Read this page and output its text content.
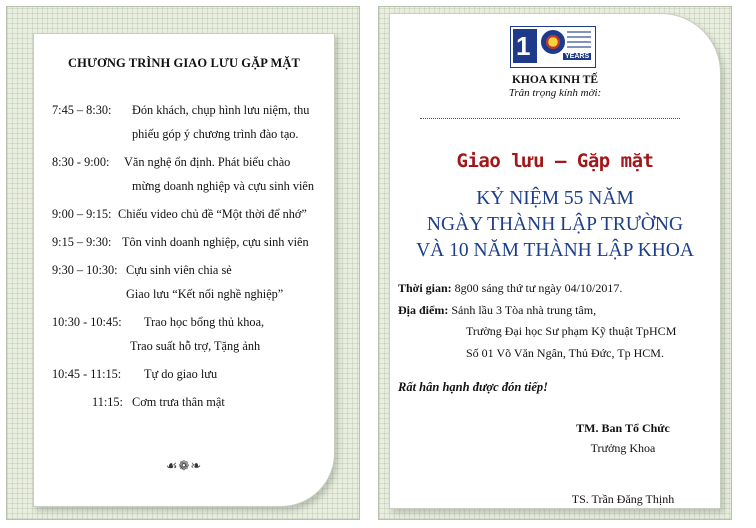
CHƯƠNG TRÌNH GIAO LƯU GẶP MẶT
7:45 – 8:30: Đón khách, chụp hình lưu niệm, thu
phiếu góp ý chương trình đào tạo.
8:30 - 9:00: Văn nghệ ổn định. Phát biểu chào
mừng doanh nghiệp và cựu sinh viên
9:00 – 9:15: Chiếu video chủ đề “Một thời để nhớ”
9:15 – 9:30: Tôn vinh doanh nghiệp, cựu sinh viên
9:30 – 10:30: Cựu sinh viên chia sẻ
Giao lưu “Kết nối nghề nghiệp”
10:30 - 10:45: Trao học bổng thủ khoa,
Trao suất hỗ trợ, Tặng ảnh
10:45 - 11:15: Tự do giao lưu
11:15: Cơm trưa thân mật
☙❁❧
1	YEARS
KHOA KINH TẾ
Trân trọng kính mời:
Giao lưu – Gặp mặt
KỶ NIỆM 55 NĂM
NGÀY THÀNH LẬP TRƯỜNG
VÀ 10 NĂM THÀNH LẬP KHOA
Thời gian: 8g00 sáng thứ tư ngày 04/10/2017.
Địa điểm: Sảnh lầu 3 Tòa nhà trung tâm,
Trường Đại học Sư phạm Kỹ thuật TpHCM
Số 01 Võ Văn Ngân, Thủ Đức, Tp HCM.
Rất hân hạnh được đón tiếp!
TM. Ban Tổ Chức
Trưởng Khoa
TS. Trần Đăng Thịnh
